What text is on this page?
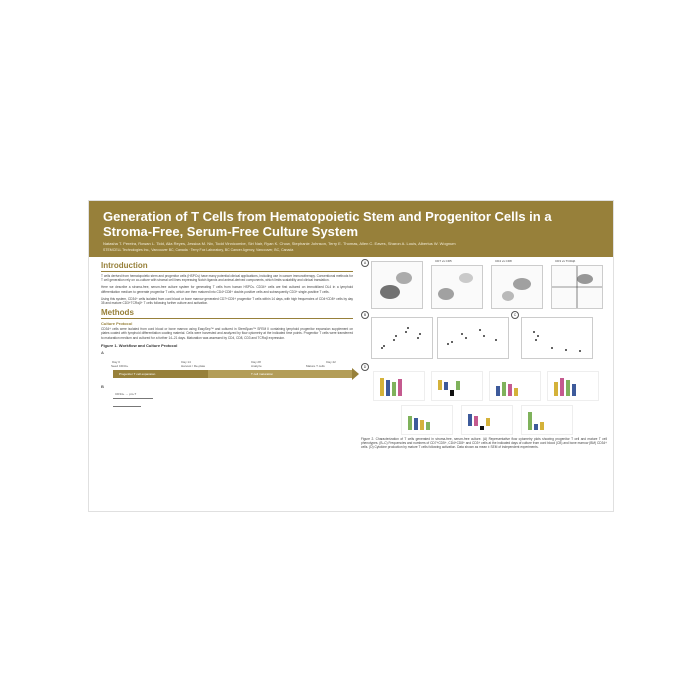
Generation of T Cells from Hematopoietic Stem and Progenitor Cells in a Stroma-Free, Serum-Free Culture System
Natasha T. Pereira, Rowan L. Tidd, Alia Reyes, Jessica M. Nix, Todd Vinnicombe, Siri Nair, Ryan K. Chow, Stephanie Johnson, Terry E. Thomas, Allen C. Eaves, Sharon A. Louis, Albertus W. Wognum
STEMCELL Technologies Inc., Vancouver BC, Canada · Terry Fox Laboratory, BC Cancer Agency, Vancouver, BC, Canada
Introduction
T cells derived from hematopoietic stem and progenitor cells (HSPCs) have many potential clinical applications, including use in cancer immunotherapy. Conventional methods for T cell generation rely on co-culture with stromal cell lines expressing Notch ligands and animal-derived components, which limits scalability and clinical translation.
Here we describe a stroma-free, serum-free culture system for generating T cells from human HSPCs. CD34+ cells are first cultured on immobilized DL4 in a lymphoid differentiation medium to generate progenitor T cells, which are then matured into CD4+CD8+ double-positive cells and subsequently CD3+ single-positive T cells.
Using this system, CD34+ cells isolated from cord blood or bone marrow generated CD7+CD5+ progenitor T cells within 14 days, with high frequencies of CD4+CD8+ cells by day 35 and mature CD3+TCRαβ+ T cells following further culture and activation.
Methods
Culture Protocol
CD34+ cells were isolated from cord blood or bone marrow using EasySep™ and cultured in StemSpan™ SFEM II containing lymphoid progenitor expansion supplement on plates coated with lymphoid differentiation coating material. Cells were harvested and analyzed by flow cytometry at the indicated time points. Progenitor T cells were transferred to maturation medium and cultured for a further 14–21 days. Maturation was assessed by CD4, CD8, CD3 and TCRαβ expression.
Figure 1. Workflow and Culture Protocol
A
Day 0	Day 14	Day 28	Day 42
Seed CD34+	Harvest / Re-plate	Analyze	Mature T cells
Progenitor T cell expansion	T cell maturation
B
CD34+ → pro-T
A	CD7 vs CD5	CD4 vs CD8	CD3 vs TCRαβ
B	C
D
Figure 2. Characterization of T cells generated in stroma-free, serum-free culture. (A) Representative flow cytometry plots showing progenitor T cell and mature T cell phenotypes. (B–C) Frequencies and numbers of CD7+CD5+, CD4+CD8+ and CD3+ cells at the indicated days of culture from cord blood (CB) and bone marrow (BM) CD34+ cells. (D) Cytokine production by mature T cells following activation. Data shown as mean ± SEM of independent experiments.
